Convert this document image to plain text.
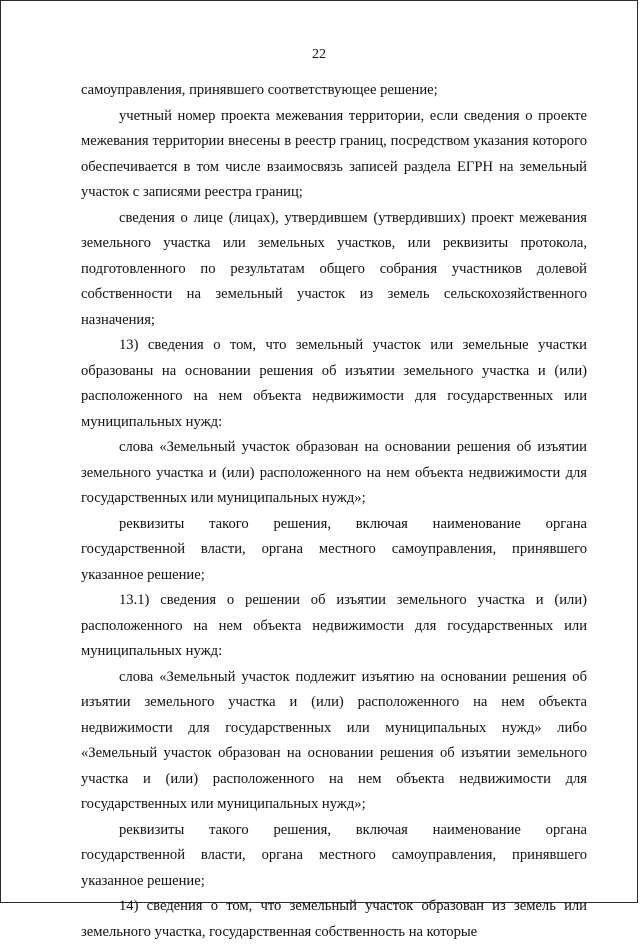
22

самоуправления, принявшего соответствующее решение;

учетный номер проекта межевания территории, если сведения о проекте межевания территории внесены в реестр границ, посредством указания которого обеспечивается в том числе взаимосвязь записей раздела ЕГРН на земельный участок с записями реестра границ;

сведения о лице (лицах), утвердившем (утвердивших) проект межевания земельного участка или земельных участков, или реквизиты протокола, подготовленного по результатам общего собрания участников долевой собственности на земельный участок из земель сельскохозяйственного назначения;

13) сведения о том, что земельный участок или земельные участки образованы на основании решения об изъятии земельного участка и (или) расположенного на нем объекта недвижимости для государственных или муниципальных нужд:

слова «Земельный участок образован на основании решения об изъятии земельного участка и (или) расположенного на нем объекта недвижимости для государственных или муниципальных нужд»;

реквизиты такого решения, включая наименование органа государственной власти, органа местного самоуправления, принявшего указанное решение;

13.1) сведения о решении об изъятии земельного участка и (или) расположенного на нем объекта недвижимости для государственных или муниципальных нужд:

слова «Земельный участок подлежит изъятию на основании решения об изъятии земельного участка и (или) расположенного на нем объекта недвижимости для государственных или муниципальных нужд» либо «Земельный участок образован на основании решения об изъятии земельного участка и (или) расположенного на нем объекта недвижимости для государственных или муниципальных нужд»;

реквизиты такого решения, включая наименование органа государственной власти, органа местного самоуправления, принявшего указанное решение;

14) сведения о том, что земельный участок образован из земель или земельного участка, государственная собственность на которые
